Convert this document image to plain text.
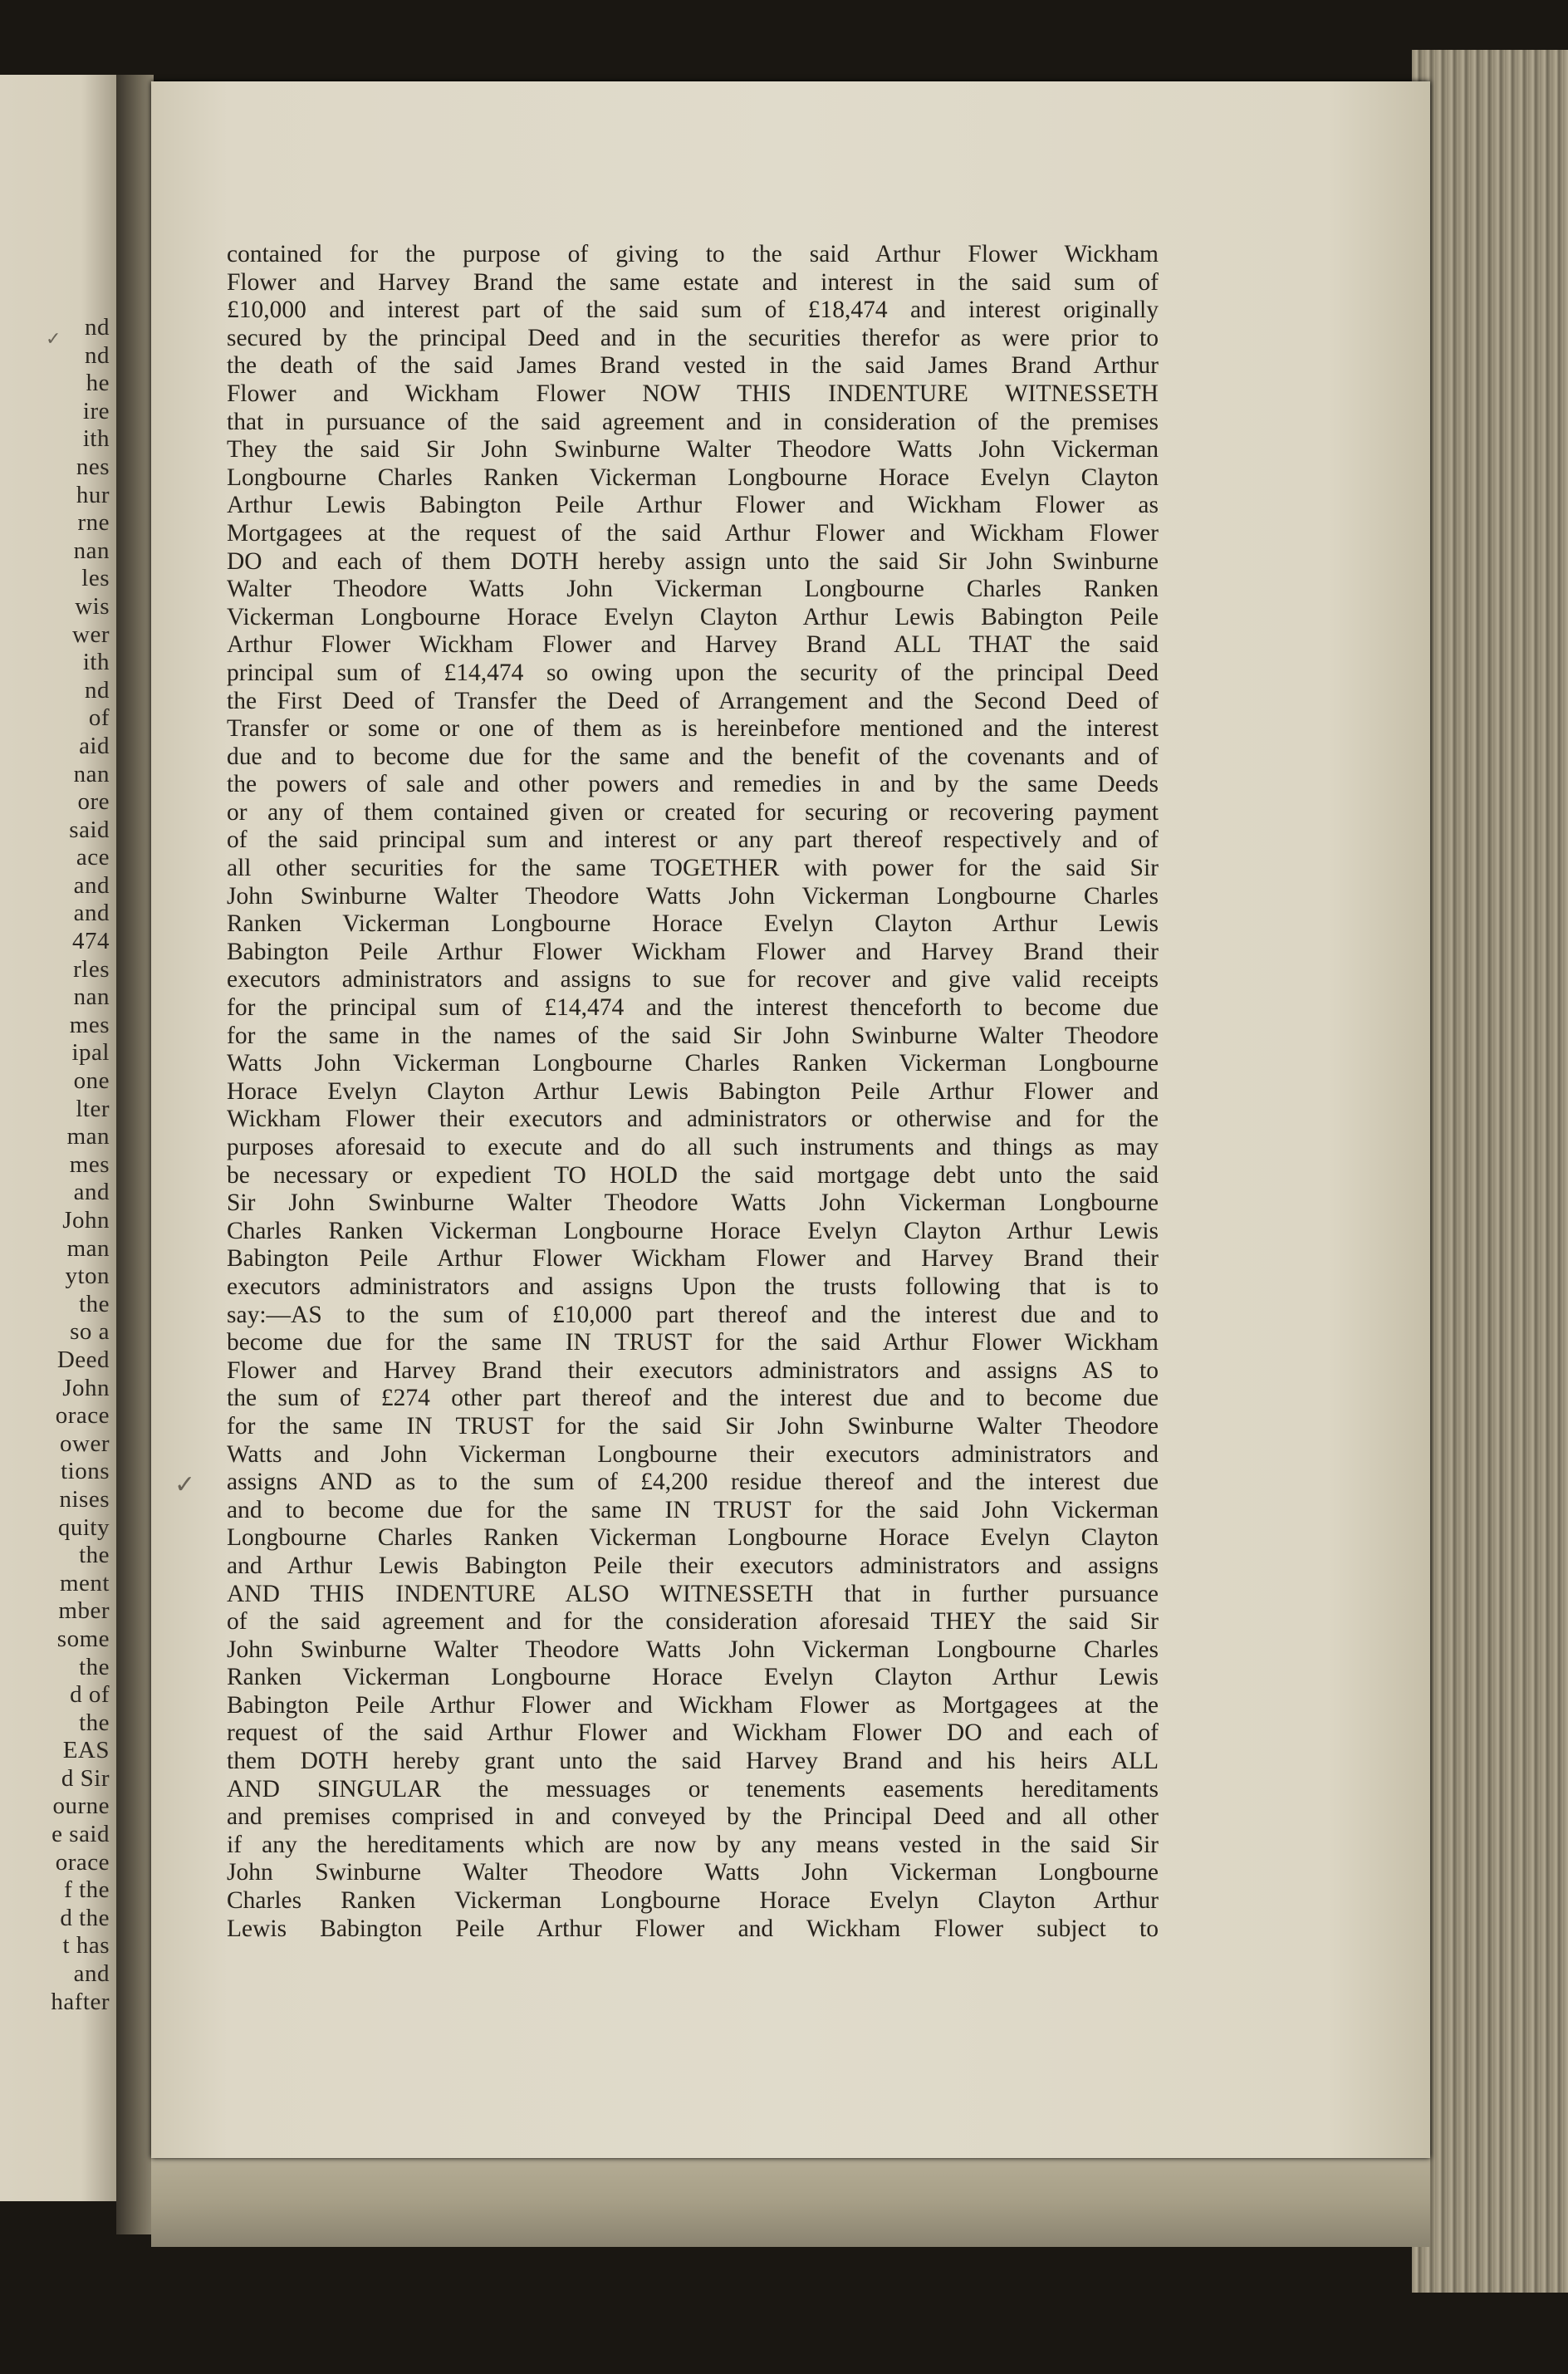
nd
nd
he
ire
ith
nes
hur
rne
nan
les
wis
wer
ith
nd
of
aid
nan
ore
said
ace
and
and
474
rles
nan
mes
ipal
one
lter
man
mes
and
John
man
yton
the
so a
Deed
John
orace
ower
tions
nises
quity
the
ment
mber
some
the
d of
the
EAS
d Sir
ourne
e said
orace
f the
d the
t has
and
hafter
contained for the purpose of giving to the said Arthur Flower Wickham
Flower and Harvey Brand the same estate and interest in the said sum of
£10,000 and interest part of the said sum of £18,474 and interest originally
secured by the principal Deed and in the securities therefor as were prior to
the death of the said James Brand vested in the said James Brand Arthur
Flower and Wickham Flower NOW THIS INDENTURE WITNESSETH
that in pursuance of the said agreement and in consideration of the premises
They the said Sir John Swinburne Walter Theodore Watts John Vickerman
Longbourne Charles Ranken Vickerman Longbourne Horace Evelyn Clayton
Arthur Lewis Babington Peile Arthur Flower and Wickham Flower as
Mortgagees at the request of the said Arthur Flower and Wickham Flower
DO and each of them DOTH hereby assign unto the said Sir John Swinburne
Walter Theodore Watts John Vickerman Longbourne Charles Ranken
Vickerman Longbourne Horace Evelyn Clayton Arthur Lewis Babington Peile
Arthur Flower Wickham Flower and Harvey Brand ALL THAT the said
principal sum of £14,474 so owing upon the security of the principal Deed
the First Deed of Transfer the Deed of Arrangement and the Second Deed of
Transfer or some or one of them as is hereinbefore mentioned and the interest
due and to become due for the same and the benefit of the covenants and of
the powers of sale and other powers and remedies in and by the same Deeds
or any of them contained given or created for securing or recovering payment
of the said principal sum and interest or any part thereof respectively and of
all other securities for the same TOGETHER with power for the said Sir
John Swinburne Walter Theodore Watts John Vickerman Longbourne Charles
Ranken Vickerman Longbourne Horace Evelyn Clayton Arthur Lewis
Babington Peile Arthur Flower Wickham Flower and Harvey Brand their
executors administrators and assigns to sue for recover and give valid receipts
for the principal sum of £14,474 and the interest thenceforth to become due
for the same in the names of the said Sir John Swinburne Walter Theodore
Watts John Vickerman Longbourne Charles Ranken Vickerman Longbourne
Horace Evelyn Clayton Arthur Lewis Babington Peile Arthur Flower and
Wickham Flower their executors and administrators or otherwise and for the
purposes aforesaid to execute and do all such instruments and things as may
be necessary or expedient TO HOLD the said mortgage debt unto the said
Sir John Swinburne Walter Theodore Watts John Vickerman Longbourne
Charles Ranken Vickerman Longbourne Horace Evelyn Clayton Arthur Lewis
Babington Peile Arthur Flower Wickham Flower and Harvey Brand their
executors administrators and assigns Upon the trusts following that is to
say:—AS to the sum of £10,000 part thereof and the interest due and to
become due for the same IN TRUST for the said Arthur Flower Wickham
Flower and Harvey Brand their executors administrators and assigns AS to
the sum of £274 other part thereof and the interest due and to become due
for the same IN TRUST for the said Sir John Swinburne Walter Theodore
Watts and John Vickerman Longbourne their executors administrators and
assigns AND as to the sum of £4,200 residue thereof and the interest due
and to become due for the same IN TRUST for the said John Vickerman
Longbourne Charles Ranken Vickerman Longbourne Horace Evelyn Clayton
and Arthur Lewis Babington Peile their executors administrators and assigns
AND THIS INDENTURE ALSO WITNESSETH that in further pursuance
of the said agreement and for the consideration aforesaid THEY the said Sir
John Swinburne Walter Theodore Watts John Vickerman Longbourne Charles
Ranken Vickerman Longbourne Horace Evelyn Clayton Arthur Lewis
Babington Peile Arthur Flower and Wickham Flower as Mortgagees at the
request of the said Arthur Flower and Wickham Flower DO and each of
them DOTH hereby grant unto the said Harvey Brand and his heirs ALL
AND SINGULAR the messuages or tenements easements hereditaments
and premises comprised in and conveyed by the Principal Deed and all other
if any the hereditaments which are now by any means vested in the said Sir
John Swinburne Walter Theodore Watts John Vickerman Longbourne
Charles Ranken Vickerman Longbourne Horace Evelyn Clayton Arthur
Lewis Babington Peile Arthur Flower and Wickham Flower subject to
✓
✓
